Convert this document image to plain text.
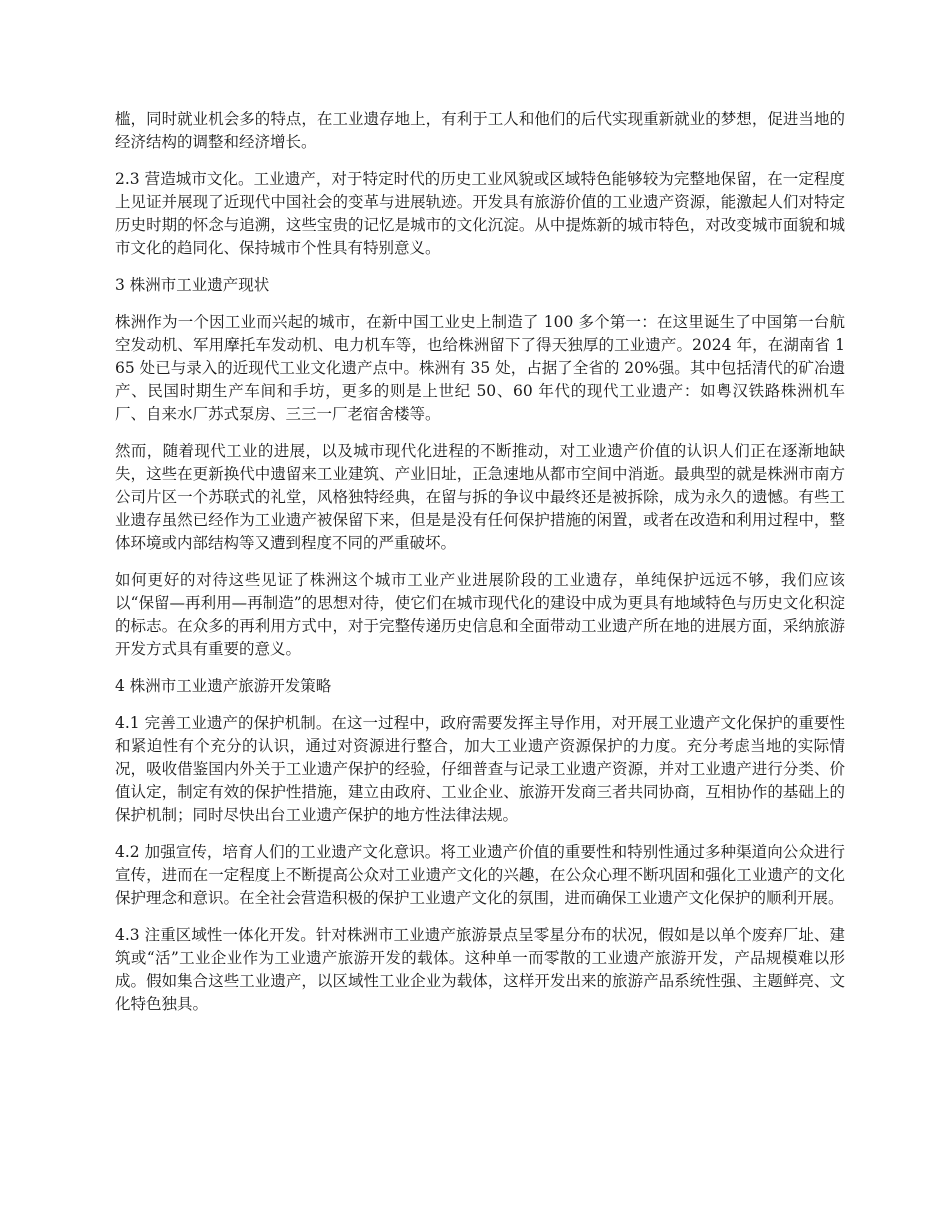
槛，同时就业机会多的特点，在工业遗存地上，有利于工人和他们的后代实现重新就业的梦想，促进当地的经济结构的调整和经济增长。

2.3 营造城市文化。工业遗产，对于特定时代的历史工业风貌或区域特色能够较为完整地保留，在一定程度上见证并展现了近现代中国社会的变革与进展轨迹。开发具有旅游价值的工业遗产资源，能激起人们对特定历史时期的怀念与追溯，这些宝贵的记忆是城市的文化沉淀。从中提炼新的城市特色，对改变城市面貌和城市文化的趋同化、保持城市个性具有特别意义。

3 株洲市工业遗产现状

株洲作为一个因工业而兴起的城市，在新中国工业史上制造了 100 多个第一：在这里诞生了中国第一台航空发动机、军用摩托车发动机、电力机车等，也给株洲留下了得天独厚的工业遗产。2024 年，在湖南省 165 处已与录入的近现代工业文化遗产点中。株洲有 35 处，占据了全省的 20%强。其中包括清代的矿冶遗产、民国时期生产车间和手坊，更多的则是上世纪 50、60 年代的现代工业遗产：如粤汉铁路株洲机车厂、自来水厂苏式泵房、三三一厂老宿舍楼等。

然而，随着现代工业的进展，以及城市现代化进程的不断推动，对工业遗产价值的认识人们正在逐渐地缺失，这些在更新换代中遗留来工业建筑、产业旧址，正急速地从都市空间中消逝。最典型的就是株洲市南方公司片区一个苏联式的礼堂，风格独特经典，在留与拆的争议中最终还是被拆除，成为永久的遗憾。有些工业遗存虽然已经作为工业遗产被保留下来，但是是没有任何保护措施的闲置，或者在改造和利用过程中，整体环境或内部结构等又遭到程度不同的严重破坏。

如何更好的对待这些见证了株洲这个城市工业产业进展阶段的工业遗存，单纯保护远远不够，我们应该以“保留—再利用—再制造”的思想对待，使它们在城市现代化的建设中成为更具有地域特色与历史文化积淀的标志。在众多的再利用方式中，对于完整传递历史信息和全面带动工业遗产所在地的进展方面，采纳旅游开发方式具有重要的意义。

4 株洲市工业遗产旅游开发策略

4.1 完善工业遗产的保护机制。在这一过程中，政府需要发挥主导作用，对开展工业遗产文化保护的重要性和紧迫性有个充分的认识，通过对资源进行整合，加大工业遗产资源保护的力度。充分考虑当地的实际情况，吸收借鉴国内外关于工业遗产保护的经验，仔细普查与记录工业遗产资源，并对工业遗产进行分类、价值认定，制定有效的保护性措施，建立由政府、工业企业、旅游开发商三者共同协商，互相协作的基础上的保护机制；同时尽快出台工业遗产保护的地方性法律法规。

4.2 加强宣传，培育人们的工业遗产文化意识。将工业遗产价值的重要性和特别性通过多种渠道向公众进行宣传，进而在一定程度上不断提高公众对工业遗产文化的兴趣，在公众心理不断巩固和强化工业遗产的文化保护理念和意识。在全社会营造积极的保护工业遗产文化的氛围，进而确保工业遗产文化保护的顺利开展。

4.3 注重区域性一体化开发。针对株洲市工业遗产旅游景点呈零星分布的状况，假如是以单个废弃厂址、建筑或“活”工业企业作为工业遗产旅游开发的载体。这种单一而零散的工业遗产旅游开发，产品规模难以形成。假如集合这些工业遗产，以区域性工业企业为载体，这样开发出来的旅游产品系统性强、主题鲜亮、文化特色独具。
